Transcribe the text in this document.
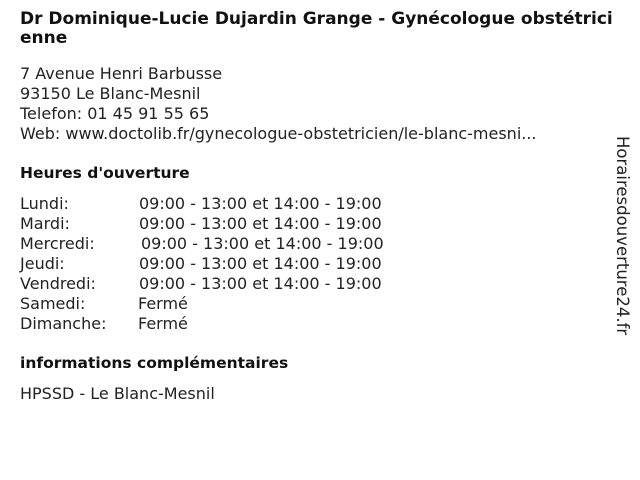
Dr Dominique-Lucie Dujardin Grange - Gynécologue obstétricienne
7 Avenue Henri Barbusse
93150 Le Blanc-Mesnil
Telefon: 01 45 91 55 65
Web: www.doctolib.fr/gynecologue-obstetricien/le-blanc-mesni...
Heures d'ouverture
Lundi:	09:00 - 13:00 et 14:00 - 19:00
Mardi:	09:00 - 13:00 et 14:00 - 19:00
Mercredi:	09:00 - 13:00 et 14:00 - 19:00
Jeudi:	09:00 - 13:00 et 14:00 - 19:00
Vendredi:	09:00 - 13:00 et 14:00 - 19:00
Samedi:	Fermé
Dimanche: Fermé
informations complémentaires
HPSSD - Le Blanc-Mesnil
Horairesdouverture24.fr
